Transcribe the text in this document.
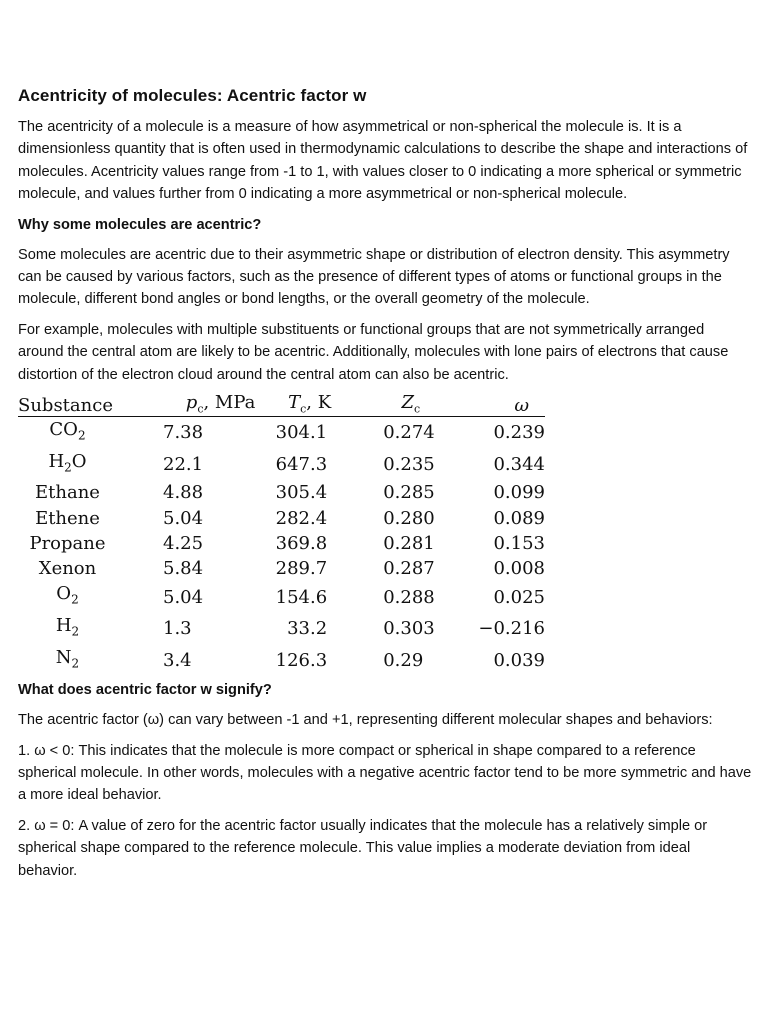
Acentricity of molecules: Acentric factor w

The acentricity of a molecule is a measure of how asymmetrical or non-spherical the molecule is. It is a dimensionless quantity that is often used in thermodynamic calculations to describe the shape and interactions of molecules. Acentricity values range from -1 to 1, with values closer to 0 indicating a more spherical or symmetric molecule, and values further from 0 indicating a more asymmetrical or non-spherical molecule.

Why some molecules are acentric?

Some molecules are acentric due to their asymmetric shape or distribution of electron density. This asymmetry can be caused by various factors, such as the presence of different types of atoms or functional groups in the molecule, different bond angles or bond lengths, or the overall geometry of the molecule.

For example, molecules with multiple substituents or functional groups that are not symmetrically arranged around the central atom are likely to be acentric. Additionally, molecules with lone pairs of electrons that cause distortion of the electron cloud around the central atom can also be acentric.

Substance	$p_c$, MPa	$T_c$, K	$Z_c$	ω
$CO_2$	7.38	304.1	0.274	0.239
$H_2O$	22.1	647.3	0.235	0.344
Ethane	4.88	305.4	0.285	0.099
Ethene	5.04	282.4	0.280	0.089
Propane	4.25	369.8	0.281	0.153
Xenon	5.84	289.7	0.287	0.008
$O_2$	5.04	154.6	0.288	0.025
$H_2$	1.3	33.2	0.303	−0.216
$N_2$	3.4	126.3	0.29	0.039
What does acentric factor w signify?

The acentric factor (ω) can vary between -1 and +1, representing different molecular shapes and behaviors:

1. ω < 0: This indicates that the molecule is more compact or spherical in shape compared to a reference spherical molecule. In other words, molecules with a negative acentric factor tend to be more symmetric and have a more ideal behavior.

2. ω = 0: A value of zero for the acentric factor usually indicates that the molecule has a relatively simple or spherical shape compared to the reference molecule. This value implies a moderate deviation from ideal behavior.
